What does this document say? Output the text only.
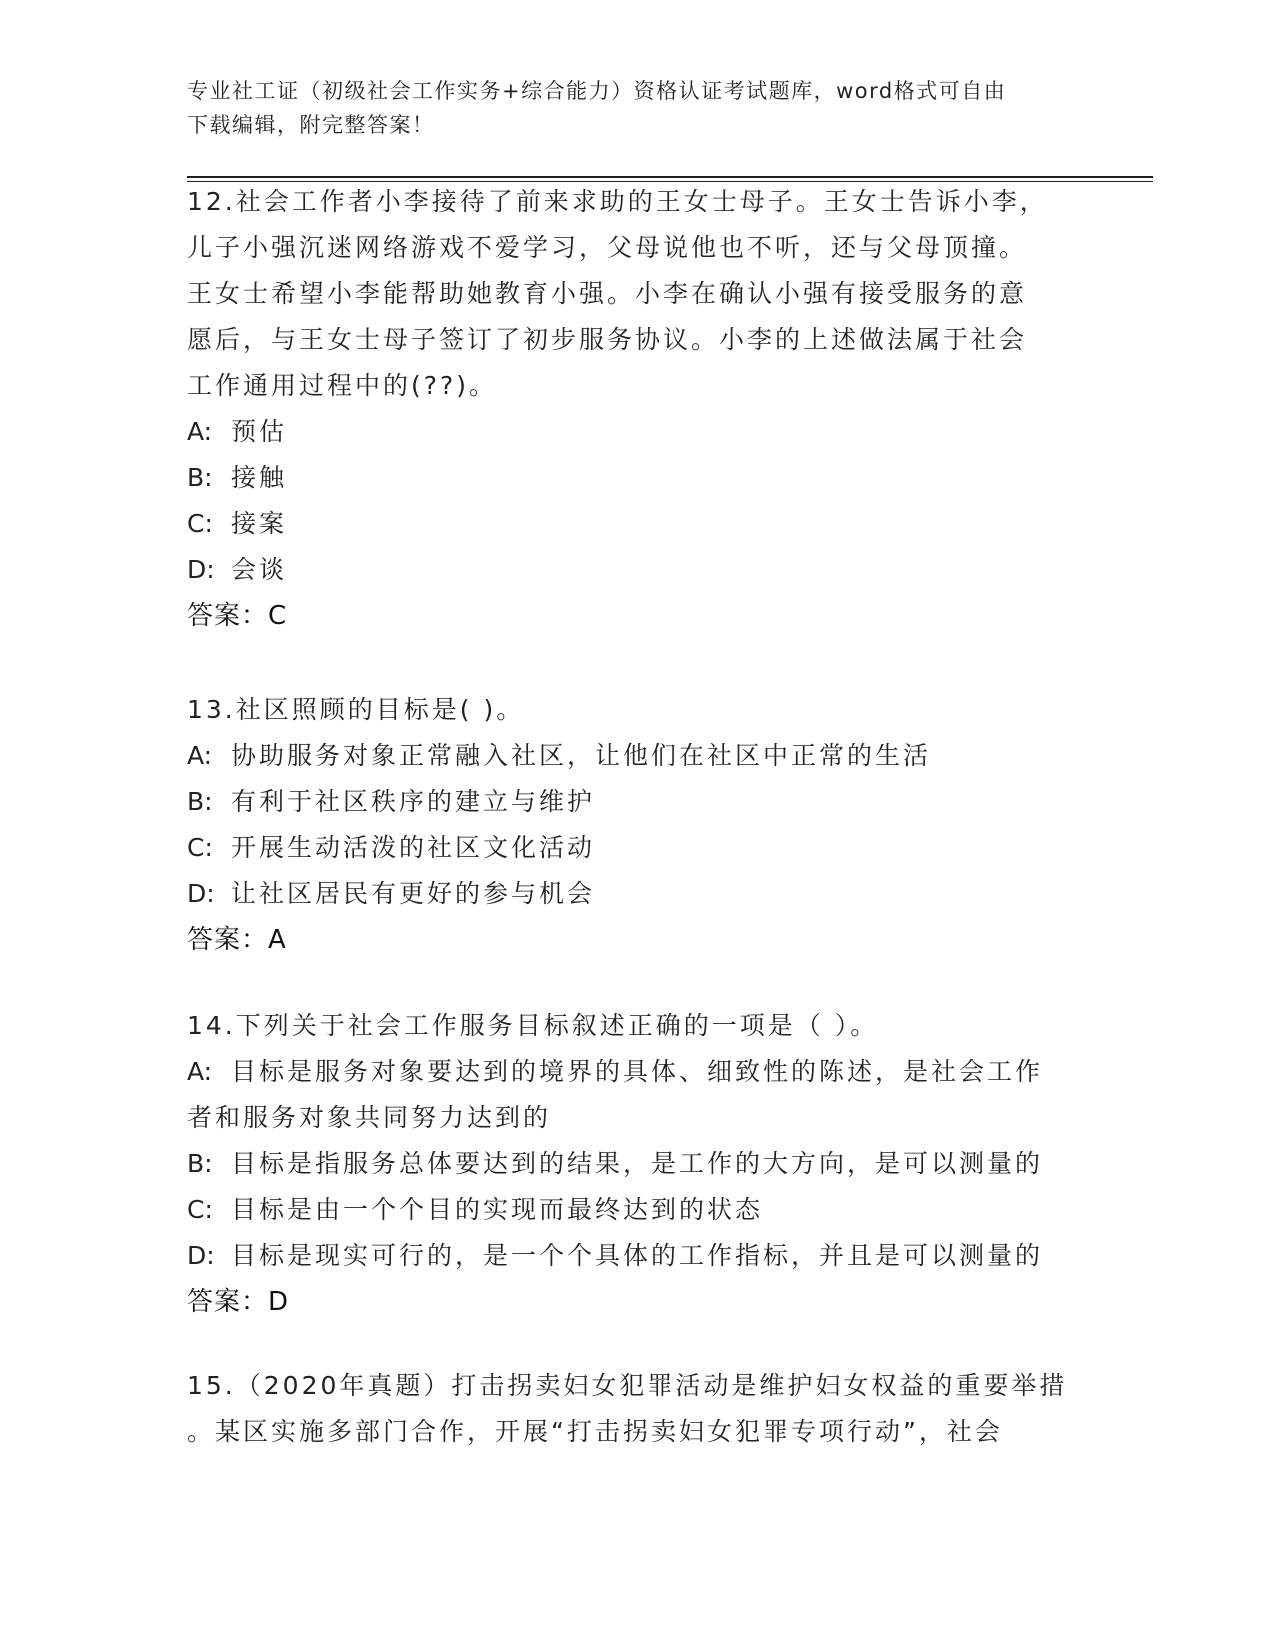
专业社工证（初级社会工作实务+综合能力）资格认证考试题库，word格式可自由
下载编辑，附完整答案！

12.社会工作者小李接待了前来求助的王女士母子。王女士告诉小李，

儿子小强沉迷网络游戏不爱学习，父母说他也不听，还与父母顶撞。

王女士希望小李能帮助她教育小强。小李在确认小强有接受服务的意

愿后，与王女士母子签订了初步服务协议。小李的上述做法属于社会

工作通用过程中的(??)。

A: 预估

B: 接触

C: 接案

D: 会谈

答案：C

13.社区照顾的目标是( )。

A: 协助服务对象正常融入社区，让他们在社区中正常的生活

B: 有利于社区秩序的建立与维护

C: 开展生动活泼的社区文化活动

D: 让社区居民有更好的参与机会

答案：A

14.下列关于社会工作服务目标叙述正确的一项是（ ）。

A: 目标是服务对象要达到的境界的具体、细致性的陈述，是社会工作

者和服务对象共同努力达到的

B: 目标是指服务总体要达到的结果，是工作的大方向，是可以测量的

C: 目标是由一个个目的实现而最终达到的状态

D: 目标是现实可行的，是一个个具体的工作指标，并且是可以测量的

答案：D

15.（2020年真题）打击拐卖妇女犯罪活动是维护妇女权益的重要举措

。某区实施多部门合作，开展“打击拐卖妇女犯罪专项行动”，社会
